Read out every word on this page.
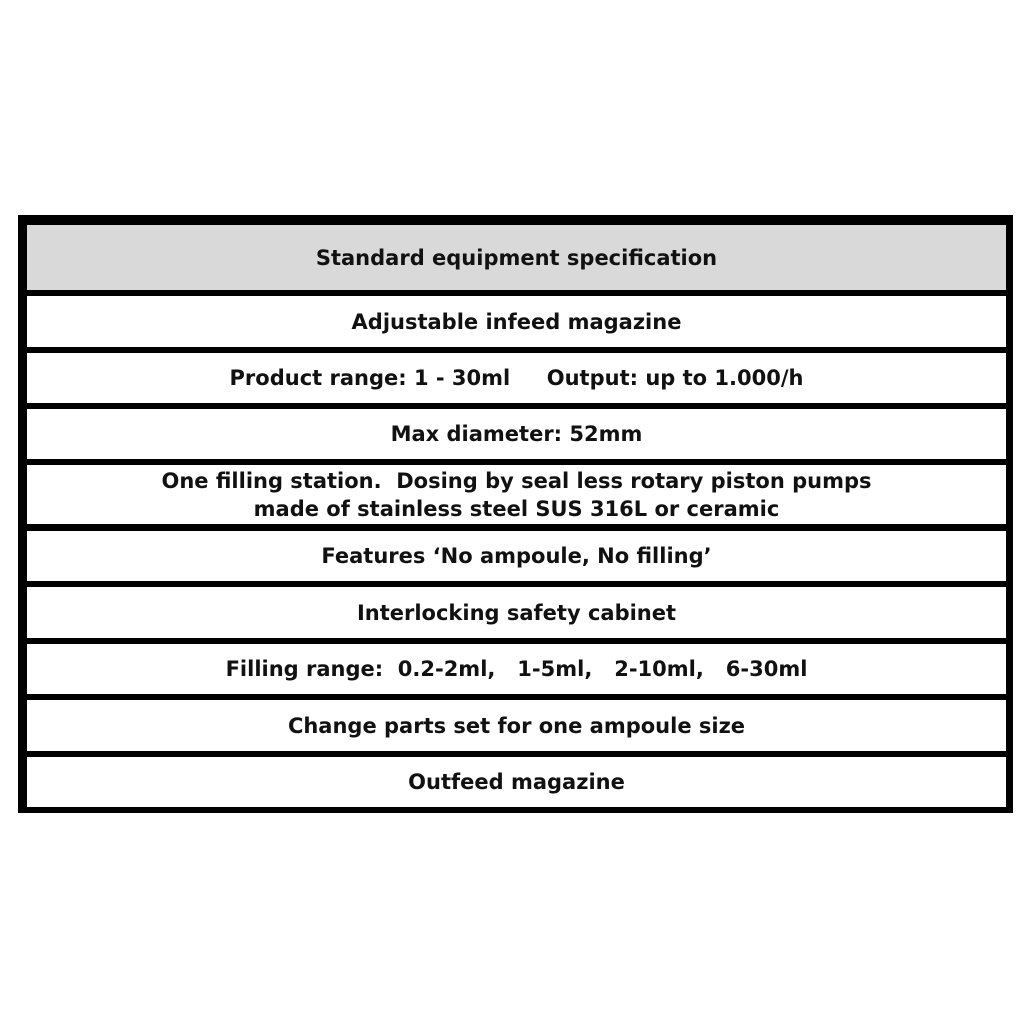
Standard equipment specification
Adjustable infeed magazine
Product range: 1 - 30ml     Output: up to 1.000/h
Max diameter: 52mm
One filling station.  Dosing by seal less rotary piston pumps
made of stainless steel SUS 316L or ceramic
Features ‘No ampoule, No filling’
Interlocking safety cabinet
Filling range:  0.2-2ml,   1-5ml,   2-10ml,   6-30ml
Change parts set for one ampoule size
Outfeed magazine
